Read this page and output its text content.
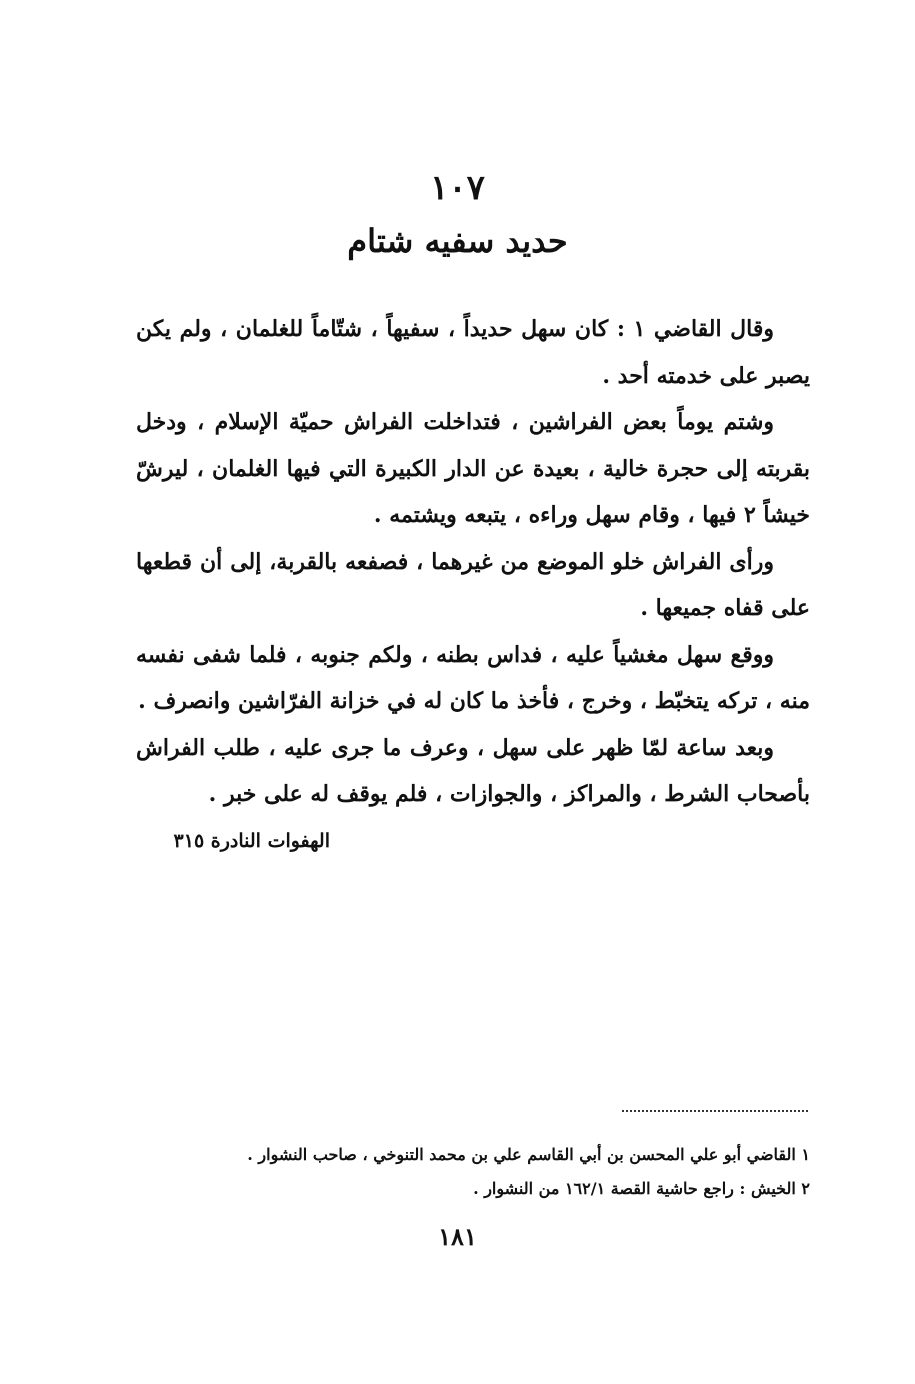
١٠٧
حديد سفيه شتام

وقال القاضي ١ : كان سهل حديداً ، سفيهاً ، شتّاماً للغلمان ، ولم يكن يصبر على خدمته أحد .

وشتم يوماً بعض الفراشين ، فتداخلت الفراش حميّة الإسلام ، ودخل بقربته إلى حجرة خالية ، بعيدة عن الدار الكبيرة التي فيها الغلمان ، ليرشّ خيشاً ٢ فيها ، وقام سهل وراءه ، يتبعه ويشتمه .

ورأى الفراش خلو الموضع من غيرهما ، فصفعه بالقربة، إلى أن قطعها على قفاه جميعها .

ووقع سهل مغشياً عليه ، فداس بطنه ، ولكم جنوبه ، فلما شفى نفسه منه ، تركه يتخبّط ، وخرج ، فأخذ ما كان له في خزانة الفرّاشين وانصرف .

وبعد ساعة لمّا ظهر على سهل ، وعرف ما جرى عليه ، طلب الفراش بأصحاب الشرط ، والمراكز ، والجوازات ، فلم يوقف له على خبر .

الهفوات النادرة ٣١٥
١ القاضي أبو علي المحسن بن أبي القاسم علي بن محمد التنوخي ، صاحب النشوار .
٢ الخيش : راجع حاشية القصة ١٦٢/١ من النشوار .
١٨١
